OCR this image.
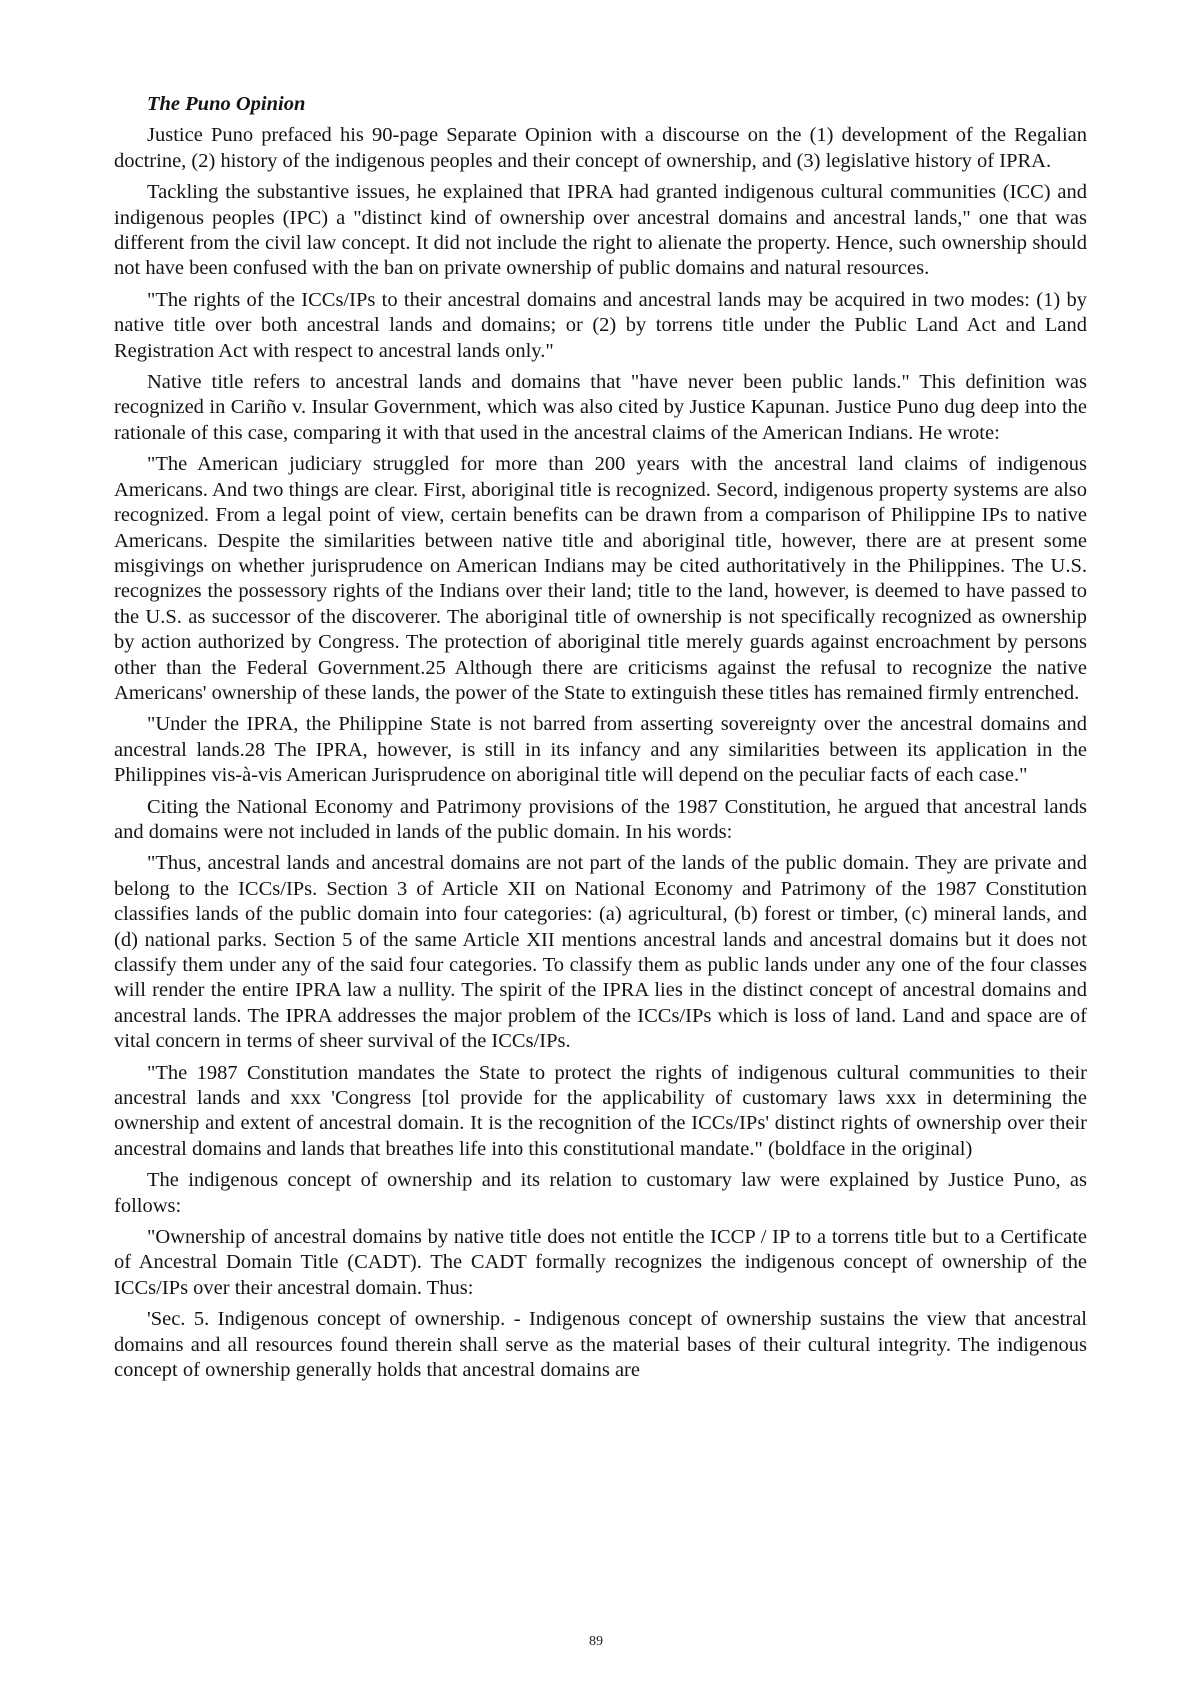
The Puno Opinion
Justice Puno prefaced his 90-page Separate Opinion with a discourse on the (1) development of the Regalian doctrine, (2) history of the indigenous peoples and their concept of ownership, and (3) legislative history of IPRA.
Tackling the substantive issues, he explained that IPRA had granted indigenous cultural communities (ICC) and indigenous peoples (IPC) a "distinct kind of ownership over ancestral domains and ancestral lands," one that was different from the civil law concept. It did not include the right to alienate the property. Hence, such ownership should not have been confused with the ban on private ownership of public domains and natural resources.
"The rights of the ICCs/IPs to their ancestral domains and ancestral lands may be acquired in two modes: (1) by native title over both ancestral lands and domains; or (2) by torrens title under the Public Land Act and Land Registration Act with respect to ancestral lands only."
Native title refers to ancestral lands and domains that "have never been public lands." This definition was recognized in Cariño v. Insular Government, which was also cited by Justice Kapunan. Justice Puno dug deep into the rationale of this case, comparing it with that used in the ancestral claims of the American Indians. He wrote:
"The American judiciary struggled for more than 200 years with the ancestral land claims of indigenous Americans. And two things are clear. First, aboriginal title is recognized. Secord, indigenous property systems are also recognized. From a legal point of view, certain benefits can be drawn from a comparison of Philippine IPs to native Americans. Despite the similarities between native title and aboriginal title, however, there are at present some misgivings on whether jurisprudence on American Indians may be cited authoritatively in the Philippines. The U.S. recognizes the possessory rights of the Indians over their land; title to the land, however, is deemed to have passed to the U.S. as successor of the discoverer. The aboriginal title of ownership is not specifically recognized as ownership by action authorized by Congress. The protection of aboriginal title merely guards against encroachment by persons other than the Federal Government.25 Although there are criticisms against the refusal to recognize the native Americans' ownership of these lands, the power of the State to extinguish these titles has remained firmly entrenched.
"Under the IPRA, the Philippine State is not barred from asserting sovereignty over the ancestral domains and ancestral lands.28 The IPRA, however, is still in its infancy and any similarities between its application in the Philippines vis-à-vis American Jurisprudence on aboriginal title will depend on the peculiar facts of each case."
Citing the National Economy and Patrimony provisions of the 1987 Constitution, he argued that ancestral lands and domains were not included in lands of the public domain. In his words:
"Thus, ancestral lands and ancestral domains are not part of the lands of the public domain. They are private and belong to the ICCs/IPs. Section 3 of Article XII on National Economy and Patrimony of the 1987 Constitution classifies lands of the public domain into four categories: (a) agricultural, (b) forest or timber, (c) mineral lands, and (d) national parks. Section 5 of the same Article XII mentions ancestral lands and ancestral domains but it does not classify them under any of the said four categories. To classify them as public lands under any one of the four classes will render the entire IPRA law a nullity. The spirit of the IPRA lies in the distinct concept of ancestral domains and ancestral lands. The IPRA addresses the major problem of the ICCs/IPs which is loss of land. Land and space are of vital concern in terms of sheer survival of the ICCs/IPs.
"The 1987 Constitution mandates the State to protect the rights of indigenous cultural communities to their ancestral lands and xxx 'Congress [tol provide for the applicability of customary laws xxx in determining the ownership and extent of ancestral domain. It is the recognition of the ICCs/IPs' distinct rights of ownership over their ancestral domains and lands that breathes life into this constitutional mandate." (boldface in the original)
The indigenous concept of ownership and its relation to customary law were explained by Justice Puno, as follows:
"Ownership of ancestral domains by native title does not entitle the ICCP / IP to a torrens title but to a Certificate of Ancestral Domain Title (CADT). The CADT formally recognizes the indigenous concept of ownership of the ICCs/IPs over their ancestral domain. Thus:
'Sec. 5. Indigenous concept of ownership. - Indigenous concept of ownership sustains the view that ancestral domains and all resources found therein shall serve as the material bases of their cultural integrity. The indigenous concept of ownership generally holds that ancestral domains are
89
